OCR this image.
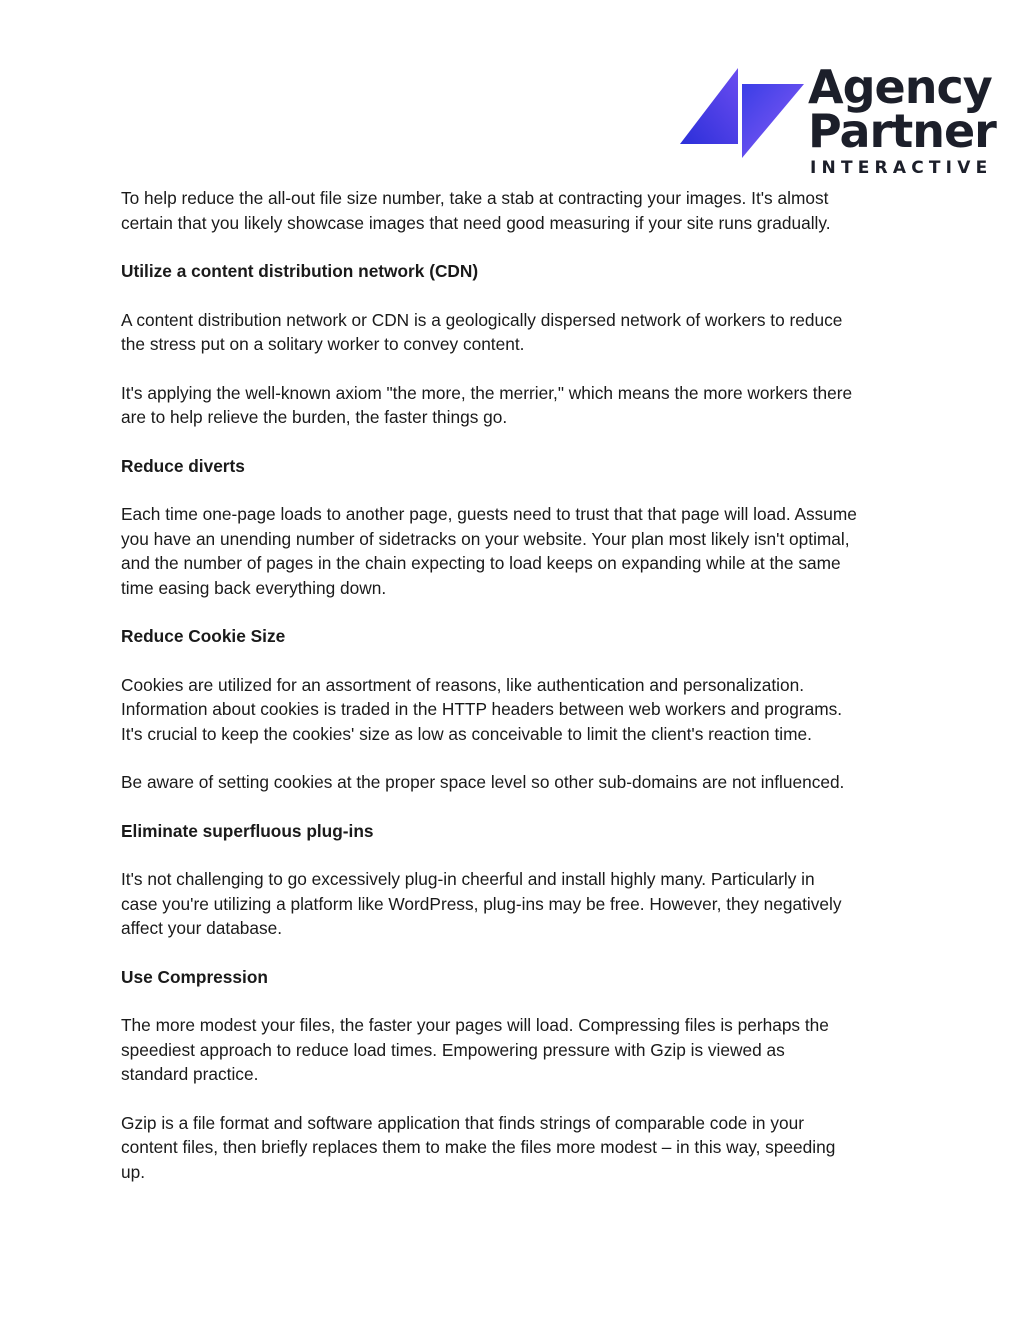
Agency
Partner
INTERACTIVE
To help reduce the all-out file size number, take a stab at contracting your images. It's almost
certain that you likely showcase images that need good measuring if your site runs gradually.
Utilize a content distribution network (CDN)
A content distribution network or CDN is a geologically dispersed network of workers to reduce
the stress put on a solitary worker to convey content.
It's applying the well-known axiom "the more, the merrier," which means the more workers there
are to help relieve the burden, the faster things go.
Reduce diverts
Each time one-page loads to another page, guests need to trust that that page will load. Assume
you have an unending number of sidetracks on your website. Your plan most likely isn't optimal,
and the number of pages in the chain expecting to load keeps on expanding while at the same
time easing back everything down.
Reduce Cookie Size
Cookies are utilized for an assortment of reasons, like authentication and personalization.
Information about cookies is traded in the HTTP headers between web workers and programs.
It's crucial to keep the cookies' size as low as conceivable to limit the client's reaction time.
Be aware of setting cookies at the proper space level so other sub-domains are not influenced.
Eliminate superfluous plug-ins
It's not challenging to go excessively plug-in cheerful and install highly many. Particularly in
case you're utilizing a platform like WordPress, plug-ins may be free. However, they negatively
affect your database.
Use Compression
The more modest your files, the faster your pages will load. Compressing files is perhaps the
speediest approach to reduce load times. Empowering pressure with Gzip is viewed as
standard practice.
Gzip is a file format and software application that finds strings of comparable code in your
content files, then briefly replaces them to make the files more modest – in this way, speeding
up.
